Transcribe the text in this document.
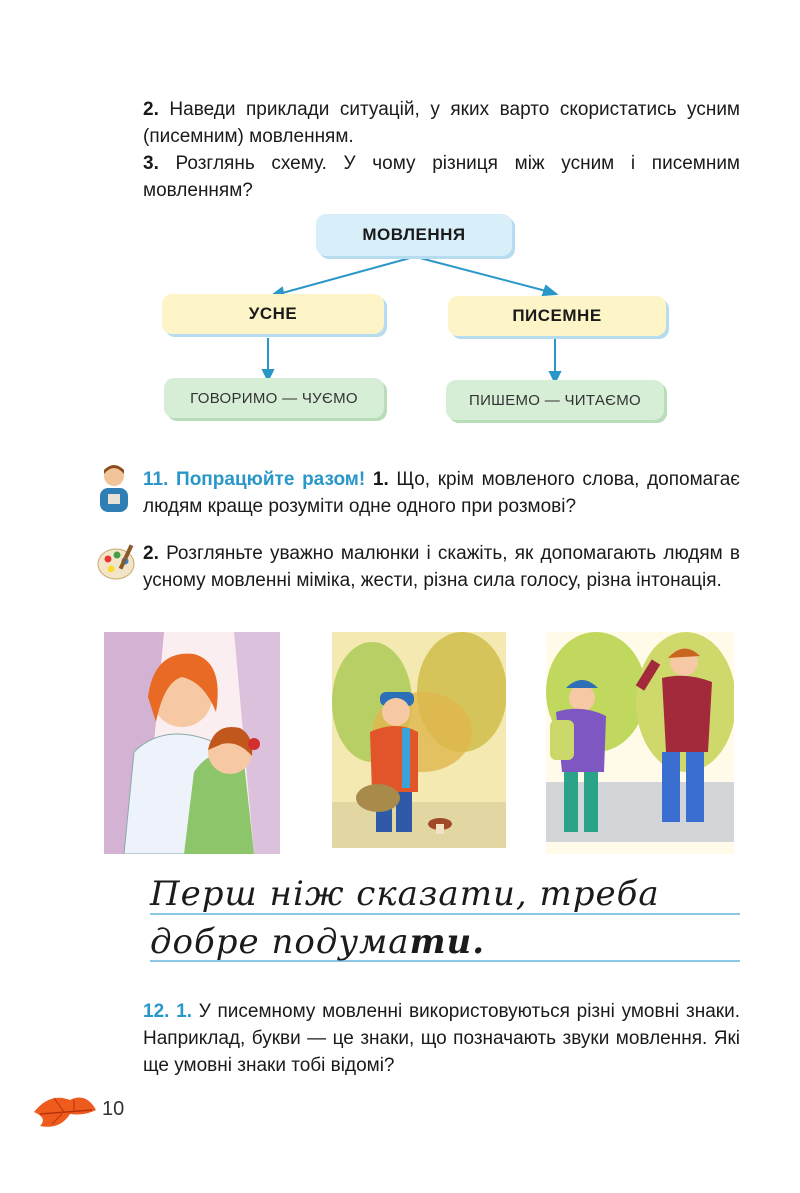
2. Наведи приклади ситуацій, у яких варто скористатись усним (писемним) мовленням.
3. Розглянь схему. У чому різниця між усним і писемним мовленням?
МОВЛЕННЯ
УСНЕ	ПИСЕМНЕ
ГОВОРИМО — ЧУЄМО	ПИШЕМО — ЧИТАЄМО
11. Попрацюйте разом! 1. Що, крім мовленого слова, допомагає людям краще розуміти одне одного при розмові?
2. Розгляньте уважно малюнки і скажіть, як допомагають людям в усному мовленні міміка, жести, різна сила голосу, різна інтонація.
Перш ніж сказати, треба
добре подумати.
12. 1. У писемному мовленні використовуються різні умовні знаки. Наприклад, букви — це знаки, що позначають звуки мовлення. Які ще умовні знаки тобі відомі?
10
